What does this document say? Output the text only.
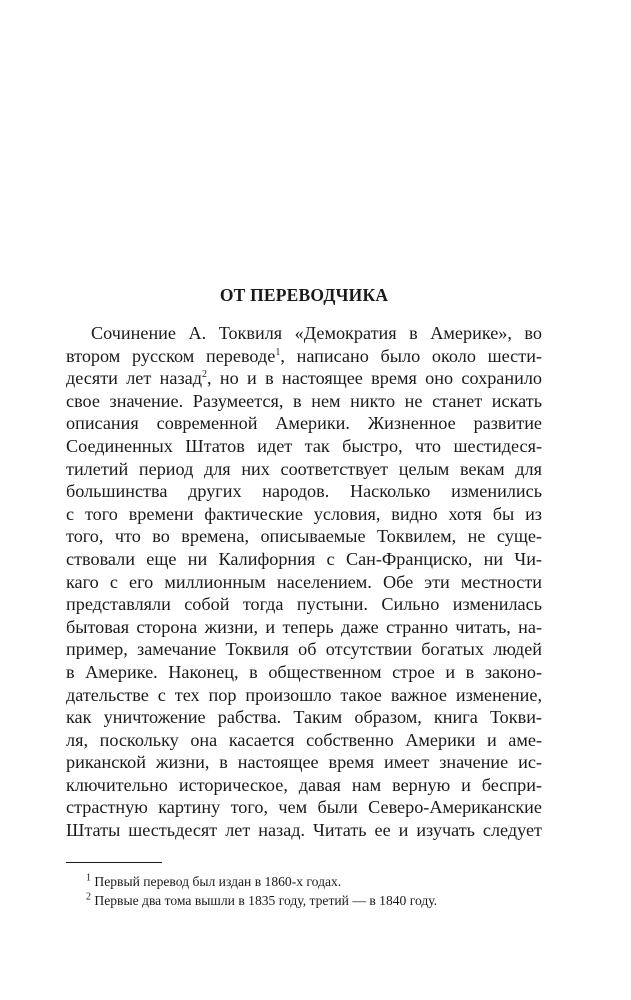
ОТ ПЕРЕВОДЧИКА
Сочинение А. Токвиля «Демократия в Америке», во
втором русском переводе$^1$, написано было около шести-
десяти лет назад$^2$, но и в настоящее время оно сохранило
свое значение. Разумеется, в нем никто не станет искать
описания современной Америки. Жизненное развитие
Соединенных Штатов идет так быстро, что шестидеся-
тилетий период для них соответствует целым векам для
большинства других народов. Насколько изменились
с того времени фактические условия, видно хотя бы из
того, что во времена, описываемые Токвилем, не суще-
ствовали еще ни Калифорния с Сан-Франциско, ни Чи-
каго с его миллионным населением. Обе эти местности
представляли собой тогда пустыни. Сильно изменилась
бытовая сторона жизни, и теперь даже странно читать, на-
пример, замечание Токвиля об отсутствии богатых людей
в Америке. Наконец, в общественном строе и в законо-
дательстве с тех пор произошло такое важное изменение,
как уничтожение рабства. Таким образом, книга Токви-
ля, поскольку она касается собственно Америки и аме-
риканской жизни, в настоящее время имеет значение ис-
ключительно историческое, давая нам верную и беспри-
страстную картину того, чем были Северо-Американские
Штаты шестьдесят лет назад. Читать ее и изучать следует
$^1$ Первый перевод был издан в 1860-х годах.
$^2$ Первые два тома вышли в 1835 году, третий — в 1840 году.
